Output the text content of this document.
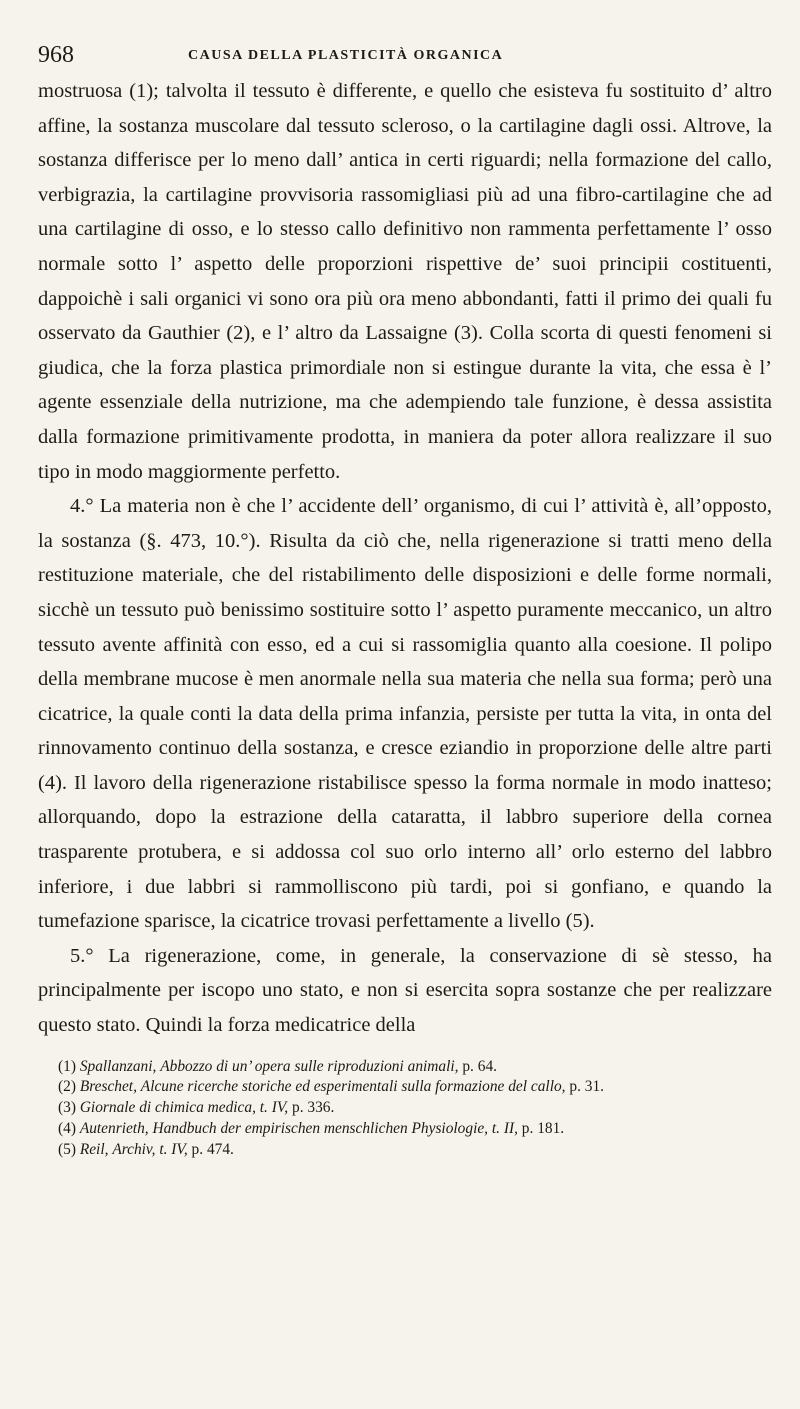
968	CAUSA DELLA PLASTICITÀ ORGANICA

mostruosa (1); talvolta il tessuto è differente, e quello che esisteva fu sostituito d’ altro affine, la sostanza muscolare dal tessuto scleroso, o la cartilagine dagli ossi. Altrove, la sostanza differisce per lo meno dall’ antica in certi riguardi; nella formazione del callo, verbigrazia, la cartilagine provvisoria rassomigliasi più ad una fibro-cartilagine che ad una cartilagine di osso, e lo stesso callo definitivo non rammenta perfettamente l’ osso normale sotto l’ aspetto delle proporzioni rispettive de’ suoi principii costituenti, dappoichè i sali organici vi sono ora più ora meno abbondanti, fatti il primo dei quali fu osservato da Gauthier (2), e l’ altro da Lassaigne (3). Colla scorta di questi fenomeni si giudica, che la forza plastica primordiale non si estingue durante la vita, che essa è l’ agente essenziale della nutrizione, ma che adempiendo tale funzione, è dessa assistita dalla formazione primitivamente prodotta, in maniera da poter allora realizzare il suo tipo in modo maggiormente perfetto.

4.° La materia non è che l’ accidente dell’ organismo, di cui l’ attività è, all’opposto, la sostanza (§. 473, 10.°). Risulta da ciò che, nella rigenerazione si tratti meno della restituzione materiale, che del ristabilimento delle disposizioni e delle forme normali, sicchè un tessuto può benissimo sostituire sotto l’ aspetto puramente meccanico, un altro tessuto avente affinità con esso, ed a cui si rassomiglia quanto alla coesione. Il polipo della membrane mucose è men anormale nella sua materia che nella sua forma; però una cicatrice, la quale conti la data della prima infanzia, persiste per tutta la vita, in onta del rinnovamento continuo della sostanza, e cresce eziandio in proporzione delle altre parti (4). Il lavoro della rigenerazione ristabilisce spesso la forma normale in modo inatteso; allorquando, dopo la estrazione della cataratta, il labbro superiore della cornea trasparente protubera, e si addossa col suo orlo interno all’ orlo esterno del labbro inferiore, i due labbri si rammolliscono più tardi, poi si gonfiano, e quando la tumefazione sparisce, la cicatrice trovasi perfettamente a livello (5).

5.° La rigenerazione, come, in generale, la conservazione di sè stesso, ha principalmente per iscopo uno stato, e non si esercita sopra sostanze che per realizzare questo stato. Quindi la forza medicatrice della

(1) Spallanzani, Abbozzo di un’ opera sulle riproduzioni animali, p. 64.

(2) Breschet, Alcune ricerche storiche ed esperimentali sulla formazione del callo, p. 31.

(3) Giornale di chimica medica, t. IV, p. 336.

(4) Autenrieth, Handbuch der empirischen menschlichen Physiologie, t. II, p. 181.

(5) Reil, Archiv, t. IV, p. 474.
